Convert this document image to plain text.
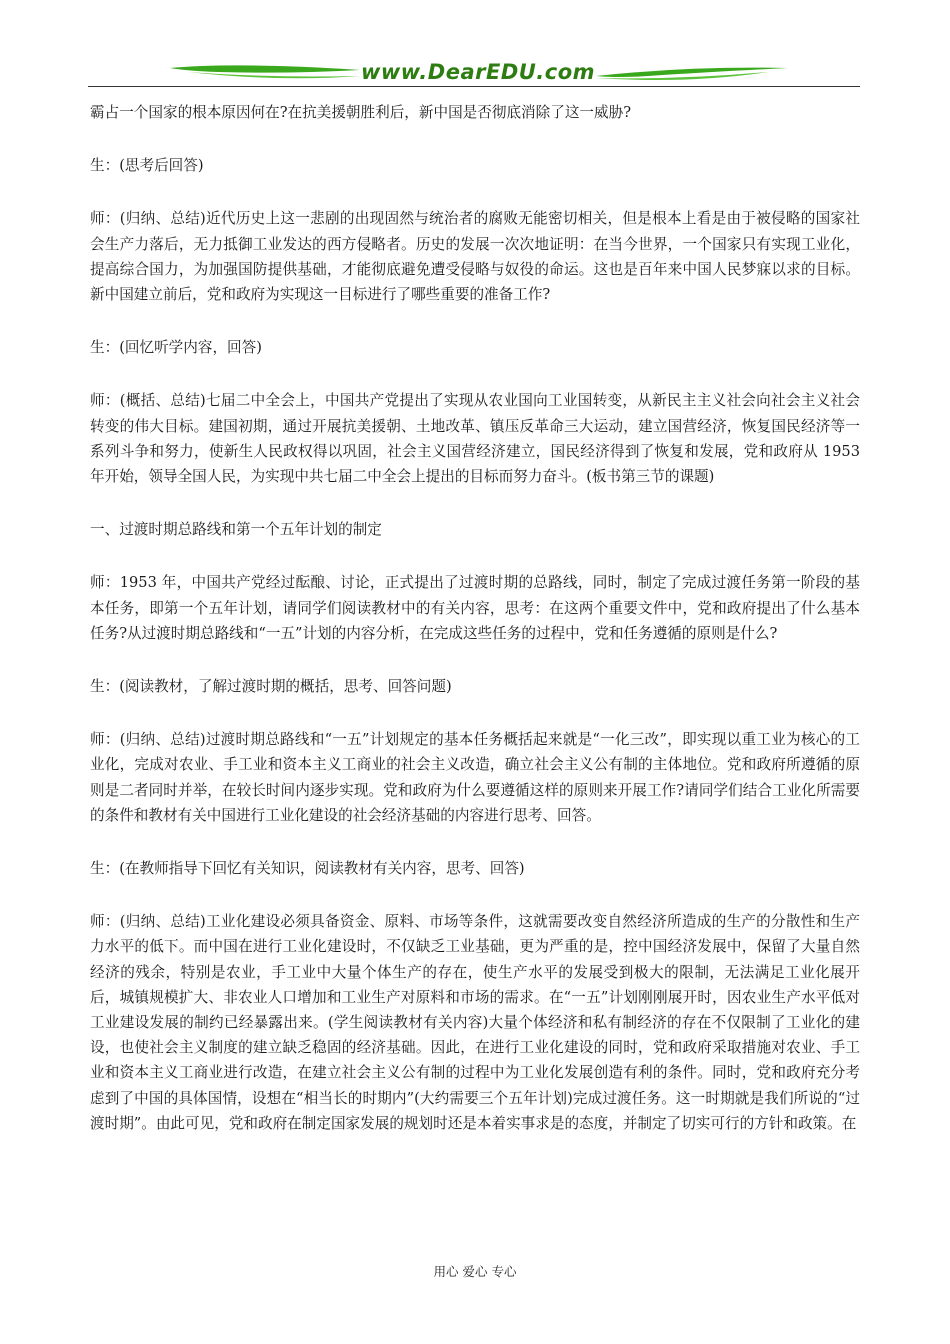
www.DearEDU.com

霸占一个国家的根本原因何在?在抗美援朝胜利后，新中国是否彻底消除了这一威胁?

生：(思考后回答)

师：(归纳、总结)近代历史上这一悲剧的出现固然与统治者的腐败无能密切相关，但是根本上看是由于被侵略的国家社会生产力落后，无力抵御工业发达的西方侵略者。历史的发展一次次地证明：在当今世界，一个国家只有实现工业化，提高综合国力，为加强国防提供基础，才能彻底避免遭受侵略与奴役的命运。这也是百年来中国人民梦寐以求的目标。新中国建立前后，党和政府为实现这一目标进行了哪些重要的准备工作?

生：(回忆听学内容，回答)

师：(概括、总结)七届二中全会上，中国共产党提出了实现从农业国向工业国转变，从新民主主义社会向社会主义社会转变的伟大目标。建国初期，通过开展抗美援朝、土地改革、镇压反革命三大运动，建立国营经济，恢复国民经济等一系列斗争和努力，使新生人民政权得以巩固，社会主义国营经济建立，国民经济得到了恢复和发展，党和政府从 1953 年开始，领导全国人民，为实现中共七届二中全会上提出的目标而努力奋斗。(板书第三节的课题)

一、过渡时期总路线和第一个五年计划的制定

师：1953 年，中国共产党经过酝酿、讨论，正式提出了过渡时期的总路线，同时，制定了完成过渡任务第一阶段的基本任务，即第一个五年计划，请同学们阅读教材中的有关内容，思考：在这两个重要文件中，党和政府提出了什么基本任务?从过渡时期总路线和“一五”计划的内容分析，在完成这些任务的过程中，党和任务遵循的原则是什么?

生：(阅读教材，了解过渡时期的概括，思考、回答问题)

师：(归纳、总结)过渡时期总路线和“一五”计划规定的基本任务概括起来就是“一化三改”，即实现以重工业为核心的工业化，完成对农业、手工业和资本主义工商业的社会主义改造，确立社会主义公有制的主体地位。党和政府所遵循的原则是二者同时并举，在较长时间内逐步实现。党和政府为什么要遵循这样的原则来开展工作?请同学们结合工业化所需要的条件和教材有关中国进行工业化建设的社会经济基础的内容进行思考、回答。

生：(在教师指导下回忆有关知识，阅读教材有关内容，思考、回答)

师：(归纳、总结)工业化建设必须具备资金、原料、市场等条件，这就需要改变自然经济所造成的生产的分散性和生产力水平的低下。而中国在进行工业化建设时，不仅缺乏工业基础，更为严重的是，控中国经济发展中，保留了大量自然经济的残余，特别是农业，手工业中大量个体生产的存在，使生产水平的发展受到极大的限制，无法满足工业化展开后，城镇规模扩大、非农业人口增加和工业生产对原料和市场的需求。在“一五”计划刚刚展开时，因农业生产水平低对工业建设发展的制约已经暴露出来。(学生阅读教材有关内容)大量个体经济和私有制经济的存在不仅限制了工业化的建设，也使社会主义制度的建立缺乏稳固的经济基础。因此，在进行工业化建设的同时，党和政府采取措施对农业、手工业和资本主义工商业进行改造，在建立社会主义公有制的过程中为工业化发展创造有利的条件。同时，党和政府充分考虑到了中国的具体国情，设想在“相当长的时期内”(大约需要三个五年计划)完成过渡任务。这一时期就是我们所说的“过渡时期”。由此可见，党和政府在制定国家发展的规划时还是本着实事求是的态度，并制定了切实可行的方针和政策。在

用心 爱心 专心
